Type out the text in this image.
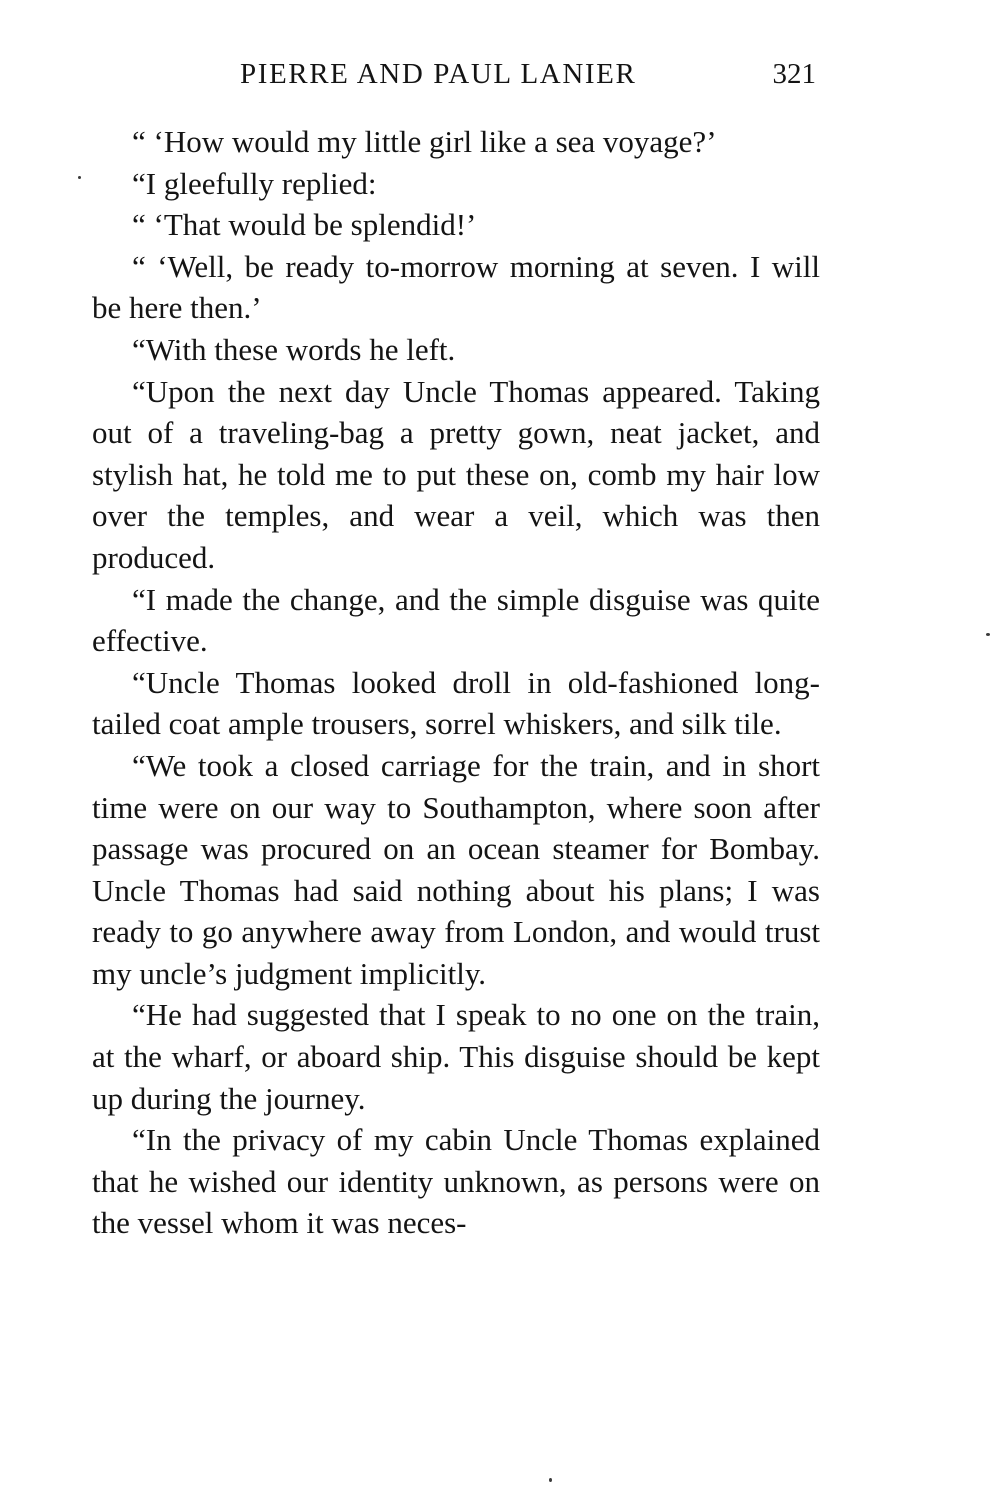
PIERRE AND PAUL LANIER	321

“ ‘How would my little girl like a sea voyage?’

“I gleefully replied:

“ ‘That would be splendid!’

“ ‘Well, be ready to-morrow morning at seven. I will be here then.’

“With these words he left.

“Upon the next day Uncle Thomas appeared. Taking out of a traveling-bag a pretty gown, neat jacket, and stylish hat, he told me to put these on, comb my hair low over the temples, and wear a veil, which was then produced.

“I made the change, and the simple disguise was quite effective.

“Uncle Thomas looked droll in old-fashioned long-tailed coat ample trousers, sorrel whiskers, and silk tile.

“We took a closed carriage for the train, and in short time were on our way to Southampton, where soon after passage was procured on an ocean steamer for Bombay. Uncle Thomas had said nothing about his plans; I was ready to go anywhere away from London, and would trust my uncle’s judgment implicitly.

“He had suggested that I speak to no one on the train, at the wharf, or aboard ship. This disguise should be kept up during the journey.

“In the privacy of my cabin Uncle Thomas explained that he wished our identity unknown, as persons were on the vessel whom it was neces-
